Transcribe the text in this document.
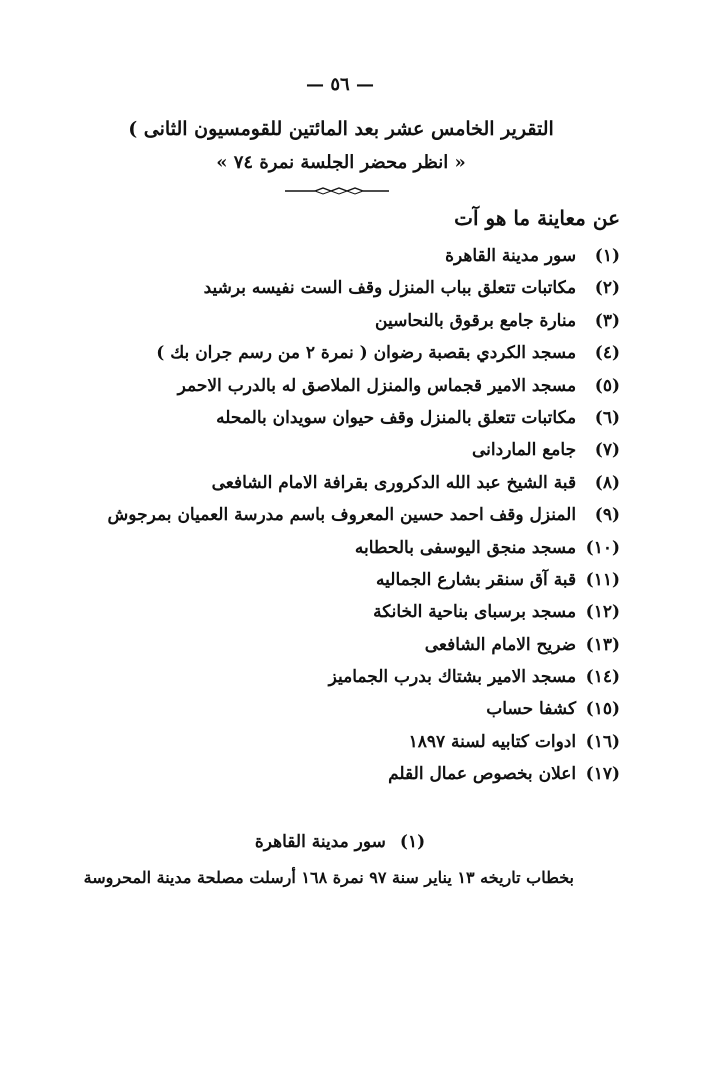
— ٥٦ —
التقرير الخامس عشر بعد المائتين للقومسيون الثانى )
« انظر محضر الجلسة نمرة ٧٤ »
عن معاينة ما هو آت
(١) سور مدينة القاهرة
(٢) مكاتبات تتعلق بباب المنزل وقف الست نفيسه برشيد
(٣) منارة جامع برقوق بالنحاسين
(٤) مسجد الكردي بقصبة رضوان ( نمرة ٢ من رسم جران بك )
(٥) مسجد الامير قجماس والمنزل الملاصق له بالدرب الاحمر
(٦) مكاتبات تتعلق بالمنزل وقف حيوان سويدان بالمحله
(٧) جامع الماردانى
(٨) قبة الشيخ عبد الله الدكرورى بقرافة الامام الشافعى
(٩) المنزل وقف احمد حسين المعروف باسم مدرسة العميان بمرجوش
(١٠) مسجد منجق اليوسفى بالحطابه
(١١) قبة آق سنقر بشارع الجماليه
(١٢) مسجد برسباى بناحية الخانكة
(١٣) ضريح الامام الشافعى
(١٤) مسجد الامير بشتاك بدرب الجماميز
(١٥) كشفا حساب
(١٦) ادوات كتابيه لسنة ١٨٩٧
(١٧) اعلان بخصوص عمال القلم
(١)سور مدينة القاهرة
بخطاب تاريخه ١٣ يناير سنة ٩٧ نمرة ١٦٨ أرسلت مصلحة مدينة المحروسة
